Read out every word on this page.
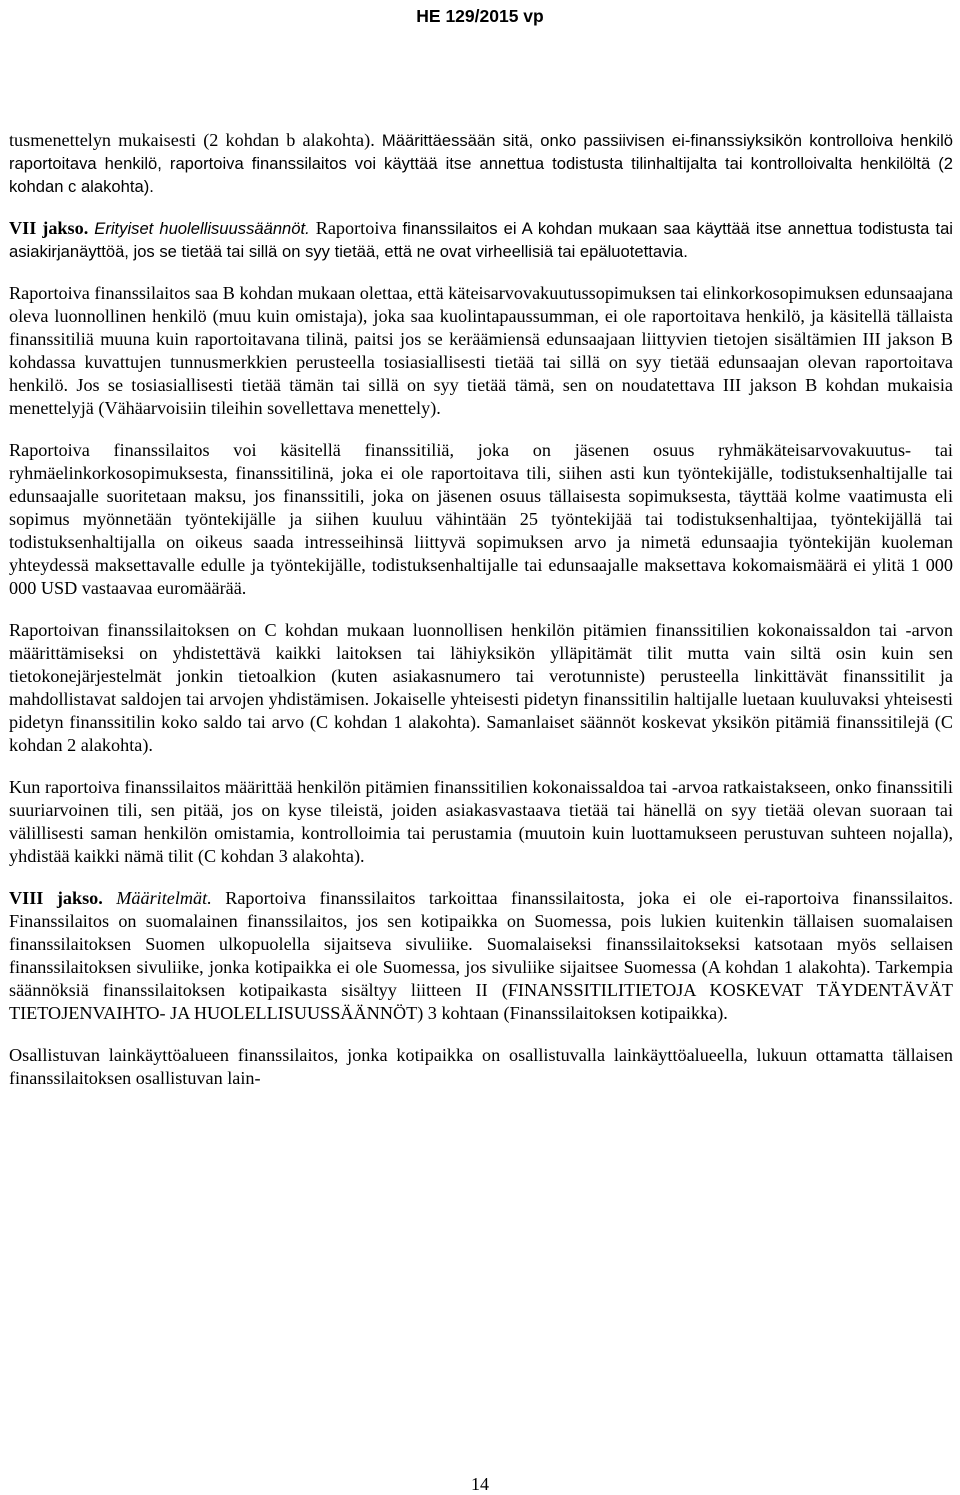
HE 129/2015 vp

tusmenettelyn mukaisesti (2 kohdan b alakohta). Määrittäessään sitä, onko passiivisen ei-finanssiyksikön kontrolloiva henkilö raportoitava henkilö, raportoiva finanssilaitos voi käyttää itse annettua todistusta tilinhaltijalta tai kontrolloivalta henkilöltä (2 kohdan c alakohta).

VII jakso. Erityiset huolellisuussäännöt. Raportoiva finanssilaitos ei A kohdan mukaan saa käyttää itse annettua todistusta tai asiakirjanäyttöä, jos se tietää tai sillä on syy tietää, että ne ovat virheellisiä tai epäluotettavia.

Raportoiva finanssilaitos saa B kohdan mukaan olettaa, että käteisarvovakuutussopimuksen tai elinkorkosopimuksen edunsaajana oleva luonnollinen henkilö (muu kuin omistaja), joka saa kuolintapaussumman, ei ole raportoitava henkilö, ja käsitellä tällaista finanssitiliä muuna kuin raportoitavana tilinä, paitsi jos se keräämiensä edunsaajaan liittyvien tietojen sisältämien III jakson B kohdassa kuvattujen tunnusmerkkien perusteella tosiasiallisesti tietää tai sillä on syy tietää edunsaajan olevan raportoitava henkilö. Jos se tosiasiallisesti tietää tämän tai sillä on syy tietää tämä, sen on noudatettava III jakson B kohdan mukaisia menettelyjä (Vähäarvoisiin tileihin sovellettava menettely).

Raportoiva finanssilaitos voi käsitellä finanssitiliä, joka on jäsenen osuus ryhmäkäteisarvovakuutus- tai ryhmäelinkorkosopimuksesta, finanssitilinä, joka ei ole raportoitava tili, siihen asti kun työntekijälle, todistuksenhaltijalle tai edunsaajalle suoritetaan maksu, jos finanssitili, joka on jäsenen osuus tällaisesta sopimuksesta, täyttää kolme vaatimusta eli sopimus myönnetään työntekijälle ja siihen kuuluu vähintään 25 työntekijää tai todistuksenhaltijaa, työntekijällä tai todistuksenhaltijalla on oikeus saada intresseihinsä liittyvä sopimuksen arvo ja nimetä edunsaajia työntekijän kuoleman yhteydessä maksettavalle edulle ja työntekijälle, todistuksenhaltijalle tai edunsaajalle maksettava kokomaismäärä ei ylitä 1 000 000 USD vastaavaa euromäärää.

Raportoivan finanssilaitoksen on C kohdan mukaan luonnollisen henkilön pitämien finanssitilien kokonaissaldon tai -arvon määrittämiseksi on yhdistettävä kaikki laitoksen tai lähiyksikön ylläpitämät tilit mutta vain siltä osin kuin sen tietokonejärjestelmät jonkin tietoalkion (kuten asiakasnumero tai verotunniste) perusteella linkittävät finanssitilit ja mahdollistavat saldojen tai arvojen yhdistämisen. Jokaiselle yhteisesti pidetyn finanssitilin haltijalle luetaan kuuluvaksi yhteisesti pidetyn finanssitilin koko saldo tai arvo (C kohdan 1 alakohta). Samanlaiset säännöt koskevat yksikön pitämiä finanssitilejä (C kohdan 2 alakohta).

Kun raportoiva finanssilaitos määrittää henkilön pitämien finanssitilien kokonaissaldoa tai -arvoa ratkaistakseen, onko finanssitili suuriarvoinen tili, sen pitää, jos on kyse tileistä, joiden asiakasvastaava tietää tai hänellä on syy tietää olevan suoraan tai välillisesti saman henkilön omistamia, kontrolloimia tai perustamia (muutoin kuin luottamukseen perustuvan suhteen nojalla), yhdistää kaikki nämä tilit (C kohdan 3 alakohta).

VIII jakso. Määritelmät. Raportoiva finanssilaitos tarkoittaa finanssilaitosta, joka ei ole ei-raportoiva finanssilaitos. Finanssilaitos on suomalainen finanssilaitos, jos sen kotipaikka on Suomessa, pois lukien kuitenkin tällaisen suomalaisen finanssilaitoksen Suomen ulkopuolella sijaitseva sivuliike. Suomalaiseksi finanssilaitokseksi katsotaan myös sellaisen finanssilaitoksen sivuliike, jonka kotipaikka ei ole Suomessa, jos sivuliike sijaitsee Suomessa (A kohdan 1 alakohta). Tarkempia säännöksiä finanssilaitoksen kotipaikasta sisältyy liitteen II (FINANSSITILITIETOJA KOSKEVAT TÄYDENTÄVÄT TIETOJENVAIHTO- JA HUOLELLISUUSSÄÄNNÖT) 3 kohtaan (Finanssilaitoksen kotipaikka).

Osallistuvan lainkäyttöalueen finanssilaitos, jonka kotipaikka on osallistuvalla lainkäyttöalueella, lukuun ottamatta tällaisen finanssilaitoksen osallistuvan lain-

14
